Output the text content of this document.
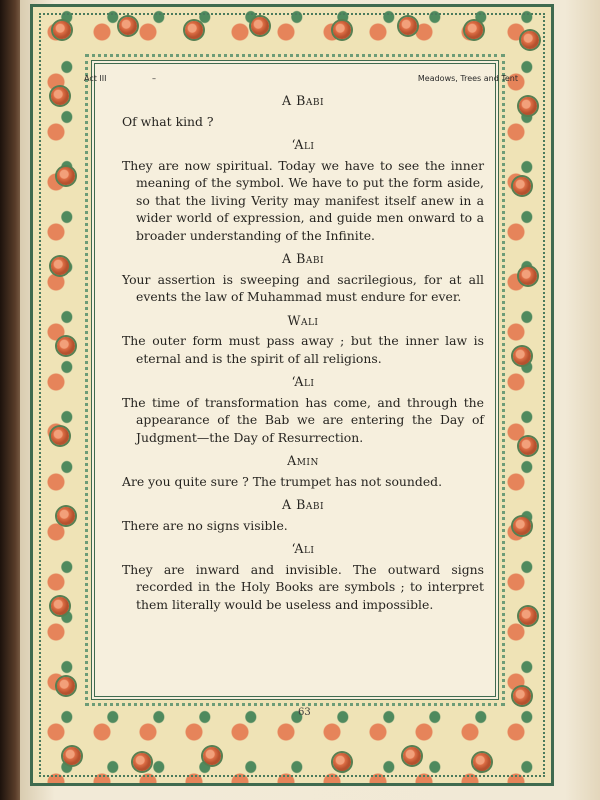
Act III	–	Meadows, Trees and Tent
A Babi
Of what kind ?
‘Ali
They are now spiritual. Today we have to see the inner meaning of the symbol. We have to put the form aside, so that the living Verity may manifest itself anew in a wider world of expression, and guide men onward to a broader understanding of the Infinite.
A Babi
Your assertion is sweeping and sacrilegious, for at all events the law of Muhammad must endure for ever.
Wali
The outer form must pass away ; but the inner law is eternal and is the spirit of all religions.
‘Ali
The time of transformation has come, and through the appearance of the Bab we are entering the Day of Judgment—the Day of Resurrection.
Amin
Are you quite sure ? The trumpet has not sounded.
A Babi
There are no signs visible.
‘Ali
They are inward and invisible. The outward signs recorded in the Holy Books are symbols ; to interpret them literally would be useless and impossible.
63
